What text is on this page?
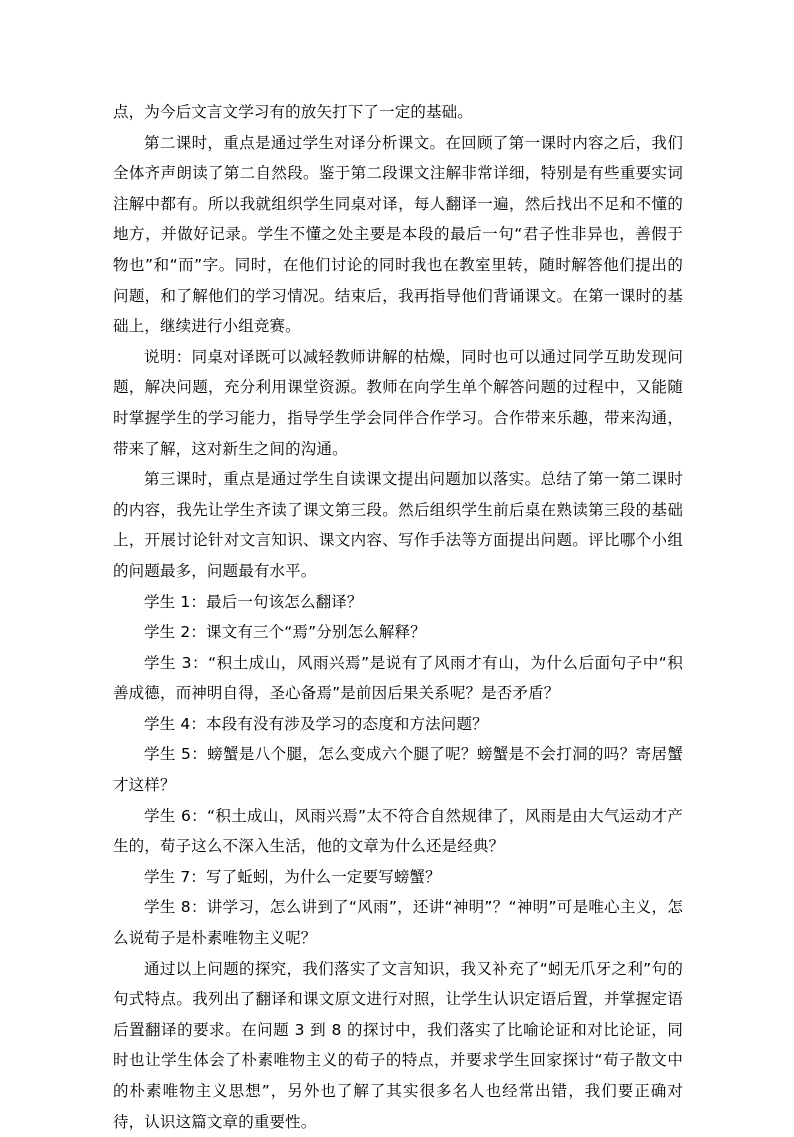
点，为今后文言文学习有的放矢打下了一定的基础。

第二课时，重点是通过学生对译分析课文。在回顾了第一课时内容之后，我们全体齐声朗读了第二自然段。鉴于第二段课文注解非常详细，特别是有些重要实词注解中都有。所以我就组织学生同桌对译，每人翻译一遍，然后找出不足和不懂的地方，并做好记录。学生不懂之处主要是本段的最后一句“君子性非异也，善假于物也”和“而”字。同时，在他们讨论的同时我也在教室里转，随时解答他们提出的问题，和了解他们的学习情况。结束后，我再指导他们背诵课文。在第一课时的基础上，继续进行小组竞赛。

说明：同桌对译既可以减轻教师讲解的枯燥，同时也可以通过同学互助发现问题，解决问题，充分利用课堂资源。教师在向学生单个解答问题的过程中，又能随时掌握学生的学习能力，指导学生学会同伴合作学习。合作带来乐趣，带来沟通，带来了解，这对新生之间的沟通。

第三课时，重点是通过学生自读课文提出问题加以落实。总结了第一第二课时的内容，我先让学生齐读了课文第三段。然后组织学生前后桌在熟读第三段的基础上，开展讨论针对文言知识、课文内容、写作手法等方面提出问题。评比哪个小组的问题最多，问题最有水平。

学生 1：最后一句该怎么翻译？

学生 2：课文有三个“焉”分别怎么解释？

学生 3：“积土成山，风雨兴焉”是说有了风雨才有山，为什么后面句子中“积善成德，而神明自得，圣心备焉”是前因后果关系呢？是否矛盾？

学生 4：本段有没有涉及学习的态度和方法问题？

学生 5：螃蟹是八个腿，怎么变成六个腿了呢？螃蟹是不会打洞的吗？寄居蟹才这样？

学生 6：“积土成山，风雨兴焉”太不符合自然规律了，风雨是由大气运动才产生的，荀子这么不深入生活，他的文章为什么还是经典？

学生 7：写了蚯蚓，为什么一定要写螃蟹？

学生 8：讲学习，怎么讲到了“风雨”，还讲“神明”？“神明”可是唯心主义，怎么说荀子是朴素唯物主义呢？

通过以上问题的探究，我们落实了文言知识，我又补充了“蚓无爪牙之利”句的句式特点。我列出了翻译和课文原文进行对照，让学生认识定语后置，并掌握定语后置翻译的要求。在问题 3 到 8 的探讨中，我们落实了比喻论证和对比论证，同时也让学生体会了朴素唯物主义的荀子的特点，并要求学生回家探讨“荀子散文中的朴素唯物主义思想”，另外也了解了其实很多名人也经常出错，我们要正确对待，认识这篇文章的重要性。
